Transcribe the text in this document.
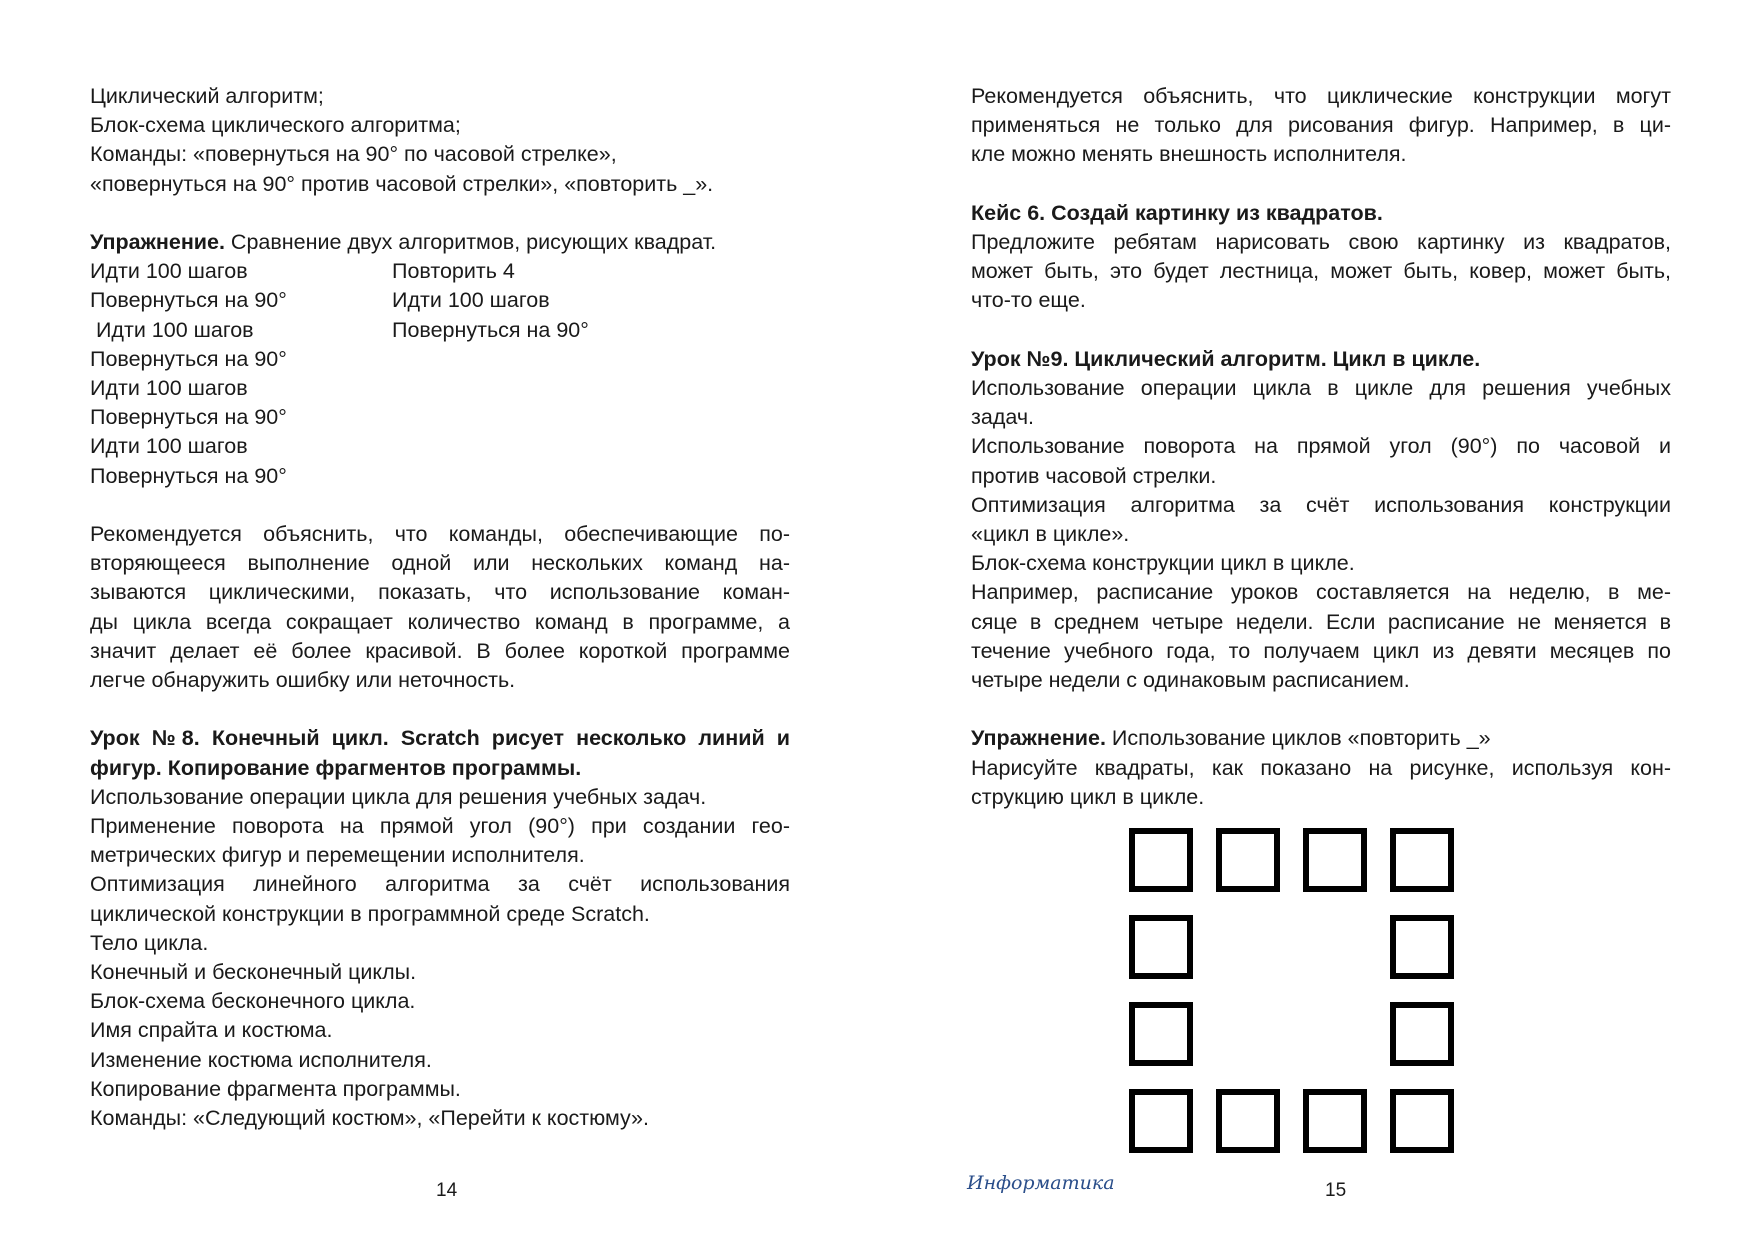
Циклический алгоритм;
Блок-схема циклического алгоритма;
Команды: «повернуться на 90° по часовой стрелке»,
«повернуться на 90° против часовой стрелки», «повторить _».
Упражнение. Сравнение двух алгоритмов, рисующих квадрат.
Идти 100 шагов	Повторить 4
Повернуться на 90°	Идти 100 шагов
Идти 100 шагов	Повернуться на 90°
Повернуться на 90°
Идти 100 шагов
Повернуться на 90°
Идти 100 шагов
Повернуться на 90°
Рекомендуется объяснить, что команды, обеспечивающие по-
вторяющееся выполнение одной или нескольких команд на-
зываются циклическими, показать, что использование коман-
ды цикла всегда сокращает количество команд в программе, а
значит делает её более красивой. В более короткой программе
легче обнаружить ошибку или неточность.
Урок №8. Конечный цикл. Scratch рисует несколько линий и
фигур. Копирование фрагментов программы.
Использование операции цикла для решения учебных задач.
Применение поворота на прямой угол (90°) при создании гео-
метрических фигур и перемещении исполнителя.
Оптимизация линейного алгоритма за счёт использования
циклической конструкции в программной среде Scratch.
Тело цикла.
Конечный и бесконечный циклы.
Блок-схема бесконечного цикла.
Имя спрайта и костюма.
Изменение костюма исполнителя.
Копирование фрагмента программы.
Команды: «Следующий костюм», «Перейти к костюму».
14
Рекомендуется объяснить, что циклические конструкции могут
применяться не только для рисования фигур. Например, в ци-
кле можно менять внешность исполнителя.
Кейс 6. Создай картинку из квадратов.
Предложите ребятам нарисовать свою картинку из квадратов,
может быть, это будет лестница, может быть, ковер, может быть,
что-то еще.
Урок №9. Циклический алгоритм. Цикл в цикле.
Использование операции цикла в цикле для решения учебных
задач.
Использование поворота на прямой угол (90°) по часовой и
против часовой стрелки.
Оптимизация алгоритма за счёт использования конструкции
«цикл в цикле».
Блок-схема конструкции цикл в цикле.
Например, расписание уроков составляется на неделю, в ме-
сяце в среднем четыре недели. Если расписание не меняется в
течение учебного года, то получаем цикл из девяти месяцев по
четыре недели с одинаковым расписанием.
Упражнение. Использование циклов «повторить _»
Нарисуйте квадраты, как показано на рисунке, используя кон-
струкцию цикл в цикле.
Информатика	15
